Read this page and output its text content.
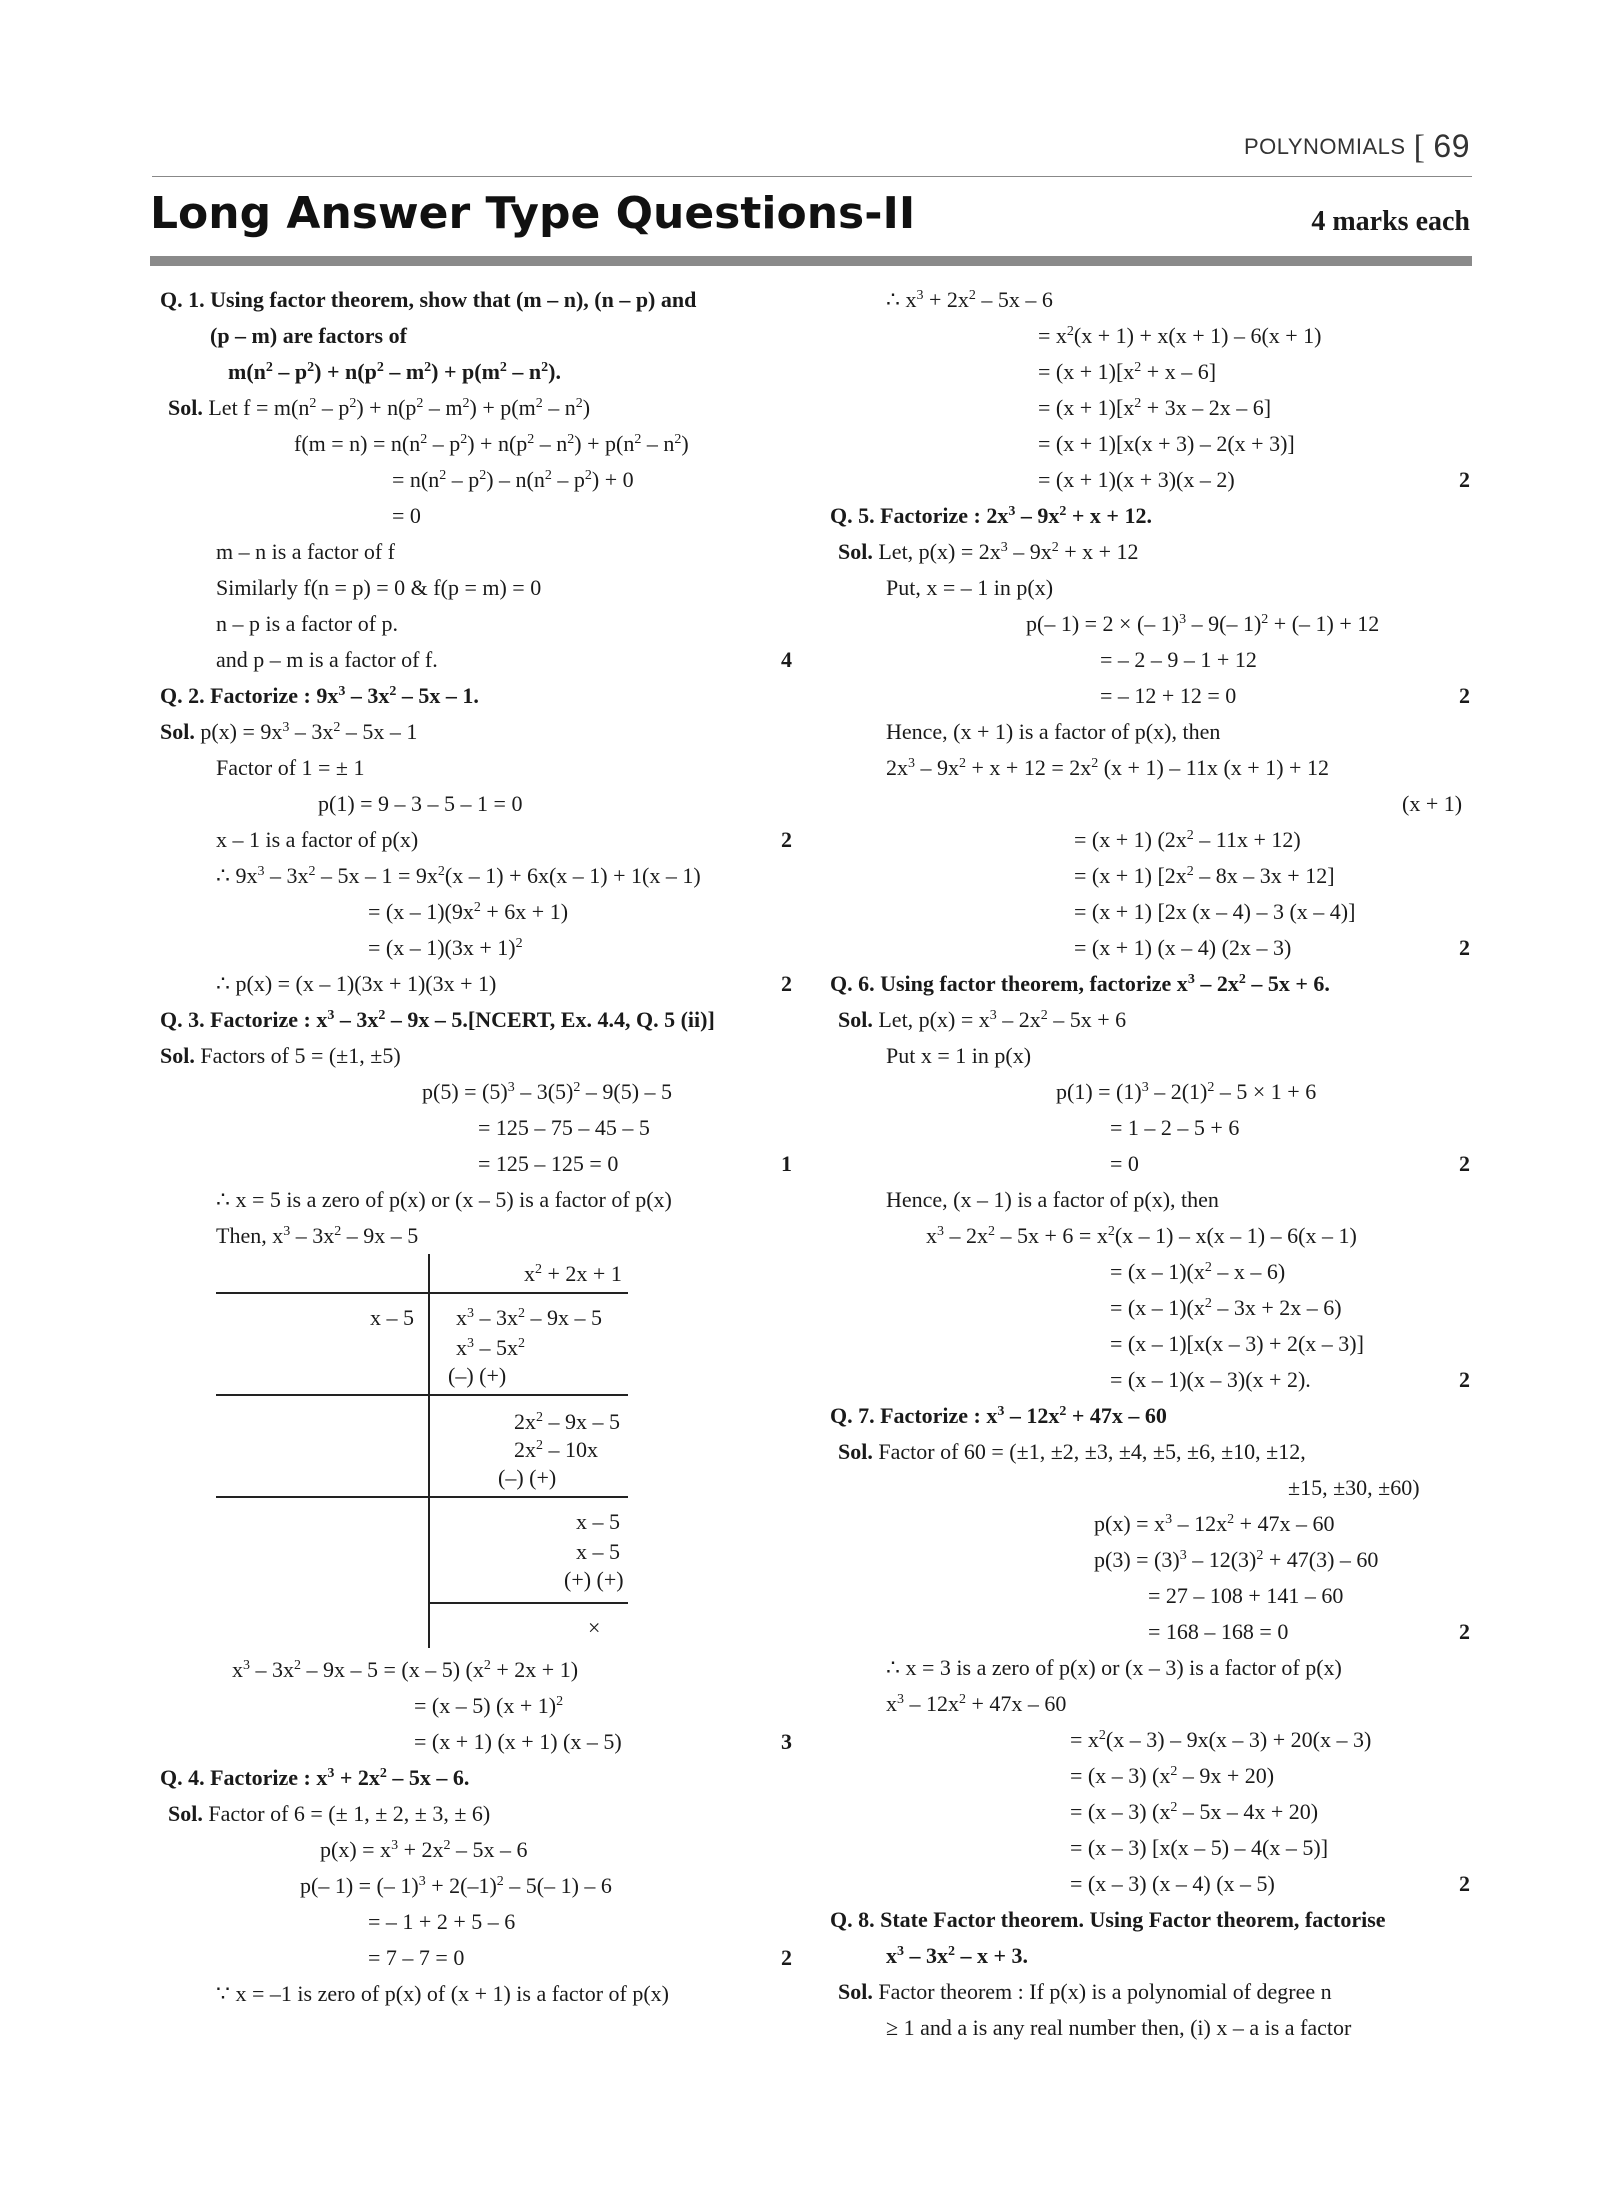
POLYNOMIALS [ 69
Long Answer Type Questions-II	4 marks each
Q. 1. Using factor theorem, show that (m – n), (n – p) and
(p – m) are factors of
$m(n^2 - p^2) + n(p^2 - m^2) + p(m^2 - n^2)$.
Sol. Let $f = m(n^2 - p^2) + n(p^2 - m^2) + p(m^2 - n^2)$
$f(m = n) = n(n^2 - p^2) + n(p^2 - n^2) + p(n^2 - n^2)$
= $n(n^2 - p^2) - n(n^2 - p^2) + 0$
= 0
m – n is a factor of f
Similarly f(n = p) = 0 & f(p = m) = 0
n – p is a factor of p.
and p – m is a factor of f.	4
Q. 2. Factorize : $9x^3 - 3x^2 - 5x - 1$.
Sol. $p(x) = 9x^3 - 3x^2 - 5x - 1$
Factor of 1 = ± 1
p(1) = 9 – 3 – 5 – 1 = 0
x – 1 is a factor of p(x)	2
∴ $9x^3 - 3x^2 - 5x - 1 = 9x^2(x - 1) + 6x(x - 1) + 1(x - 1)$
= $(x - 1)(9x^2 + 6x + 1)$
= $(x - 1)(3x + 1)^2$
∴ p(x) = (x – 1)(3x + 1)(3x + 1)	2
Q. 3. Factorize : $x^3 - 3x^2 - 9x$ – 5.[NCERT, Ex. 4.4, Q. 5 (ii)]
Sol. Factors of 5 = (±1, ±5)
$p(5) = (5)^3 - 3(5)^2 - 9(5) - 5$
= 125 – 75 – 45 – 5
= 125 – 125 = 0	1
∴ x = 5 is a zero of p(x) or (x – 5) is a factor of p(x)
Then, $x^3 - 3x^2 - 9x - 5$
$x^2 + 2x + 1$
x – 5 $x^3 - 3x^2 - 9x - 5$
$x^3 - 5x^2$
(–) (+)
$2x^2 - 9x - 5$
$2x^2 - 10x$
(–) (+)
x – 5
x – 5
(+) (+)
×
$x^3 - 3x^2 - 9x - 5 = (x - 5) (x^2 + 2x + 1)$
= (x – 5) $(x + 1)^2$
= (x + 1) (x + 1) (x – 5)	3
Q. 4. Factorize : $x^3 + 2x^2 - 5x - 6$.
Sol. Factor of 6 = (± 1, ± 2, ± 3, ± 6)
$p(x) = x^3 + 2x^2 - 5x - 6$
p(– 1) = (– $1)^3 + 2(-1)^2 - 5(-$ 1) – 6
= – 1 + 2 + 5 – 6
= 7 – 7 = 0	2
∵ x = –1 is zero of p(x) of (x + 1) is a factor of p(x)
∴ $x^3 + 2x^2 - 5x - 6$
= $x^2(x + 1) + x(x + 1) - 6(x + 1)$
= $(x + 1)[x^2 + x - 6]$
= $(x + 1)[x^2 + 3x - 2x - 6]$
= (x + 1)[x(x + 3) – 2(x + 3)]
= (x + 1)(x + 3)(x – 2)	2
Q. 5. Factorize : $2x^3 - 9x^2 + x + 12$.
Sol. Let, $p(x) = 2x^3 - 9x^2 + x + 12$
Put, x = – 1 in p(x)
p(– 1) = 2 × (– 1)$^3$ – 9(– 1)$^2$ + (– 1) + 12
= – 2 – 9 – 1 + 12
= – 12 + 12 = 0	2
Hence, (x + 1) is a factor of p(x), then
$2x^3 - 9x^2 + x + 12 = 2x^2$ (x + 1) – 11x (x + 1) + 12
(x + 1)
= (x + 1) $(2x^2 - 11x + 12)$
= (x + 1) $[2x^2 - 8x - 3x + 12]$
= (x + 1) [2x (x – 4) – 3 (x – 4)]
= (x + 1) (x – 4) (2x – 3)	2
Q. 6. Using factor theorem, factorize $x^3 - 2x^2 - 5x + 6$.
Sol. Let, $p(x) = x^3 - 2x^2 - 5x + 6$
Put x = 1 in p(x)
$p(1) = (1)^3 - 2(1)^2 - 5 \times 1 + 6$
= 1 – 2 – 5 + 6
= 0	2
Hence, (x – 1) is a factor of p(x), then
$x^3 - 2x^2 - 5x + 6 = x^2(x - 1) - x(x - 1) - 6(x - 1)$
= $(x - 1)(x^2$ – x – 6)
= $(x - 1)(x^2 - 3x + 2x - 6)$
= (x – 1)[x(x – 3) + 2(x – 3)]
= (x – 1)(x – 3)(x + 2).	2
Q. 7. Factorize : $x^3 - 12x^2 + 47x - 60$
Sol. Factor of 60 = (±1, ±2, ±3, ±4, ±5, ±6, ±10, ±12,
±15, ±30, ±60)
$p(x) = x^3 - 12x^2 + 47x - 60$
$p(3) = (3)^3 - 12(3)^2 + 47(3) - 60$
= 27 – 108 + 141 – 60
= 168 – 168 = 0	2
∴ x = 3 is a zero of p(x) or (x – 3) is a factor of p(x)
$x^3 - 12x^2 + 47x - 60$
= $x^2(x - 3) - 9x(x - 3) + 20(x - 3)$
= (x – 3) $(x^2 - 9x + 20)$
= (x – 3) $(x^2 - 5x - 4x + 20)$
= (x – 3) [x(x – 5) – 4(x – 5)]
= (x – 3) (x – 4) (x – 5)	2
Q. 8. State Factor theorem. Using Factor theorem, factorise
$x^3 - 3x^2 - x + 3$.
Sol. Factor theorem : If p(x) is a polynomial of degree n
≥ 1 and a is any real number then, (i) x – a is a factor
